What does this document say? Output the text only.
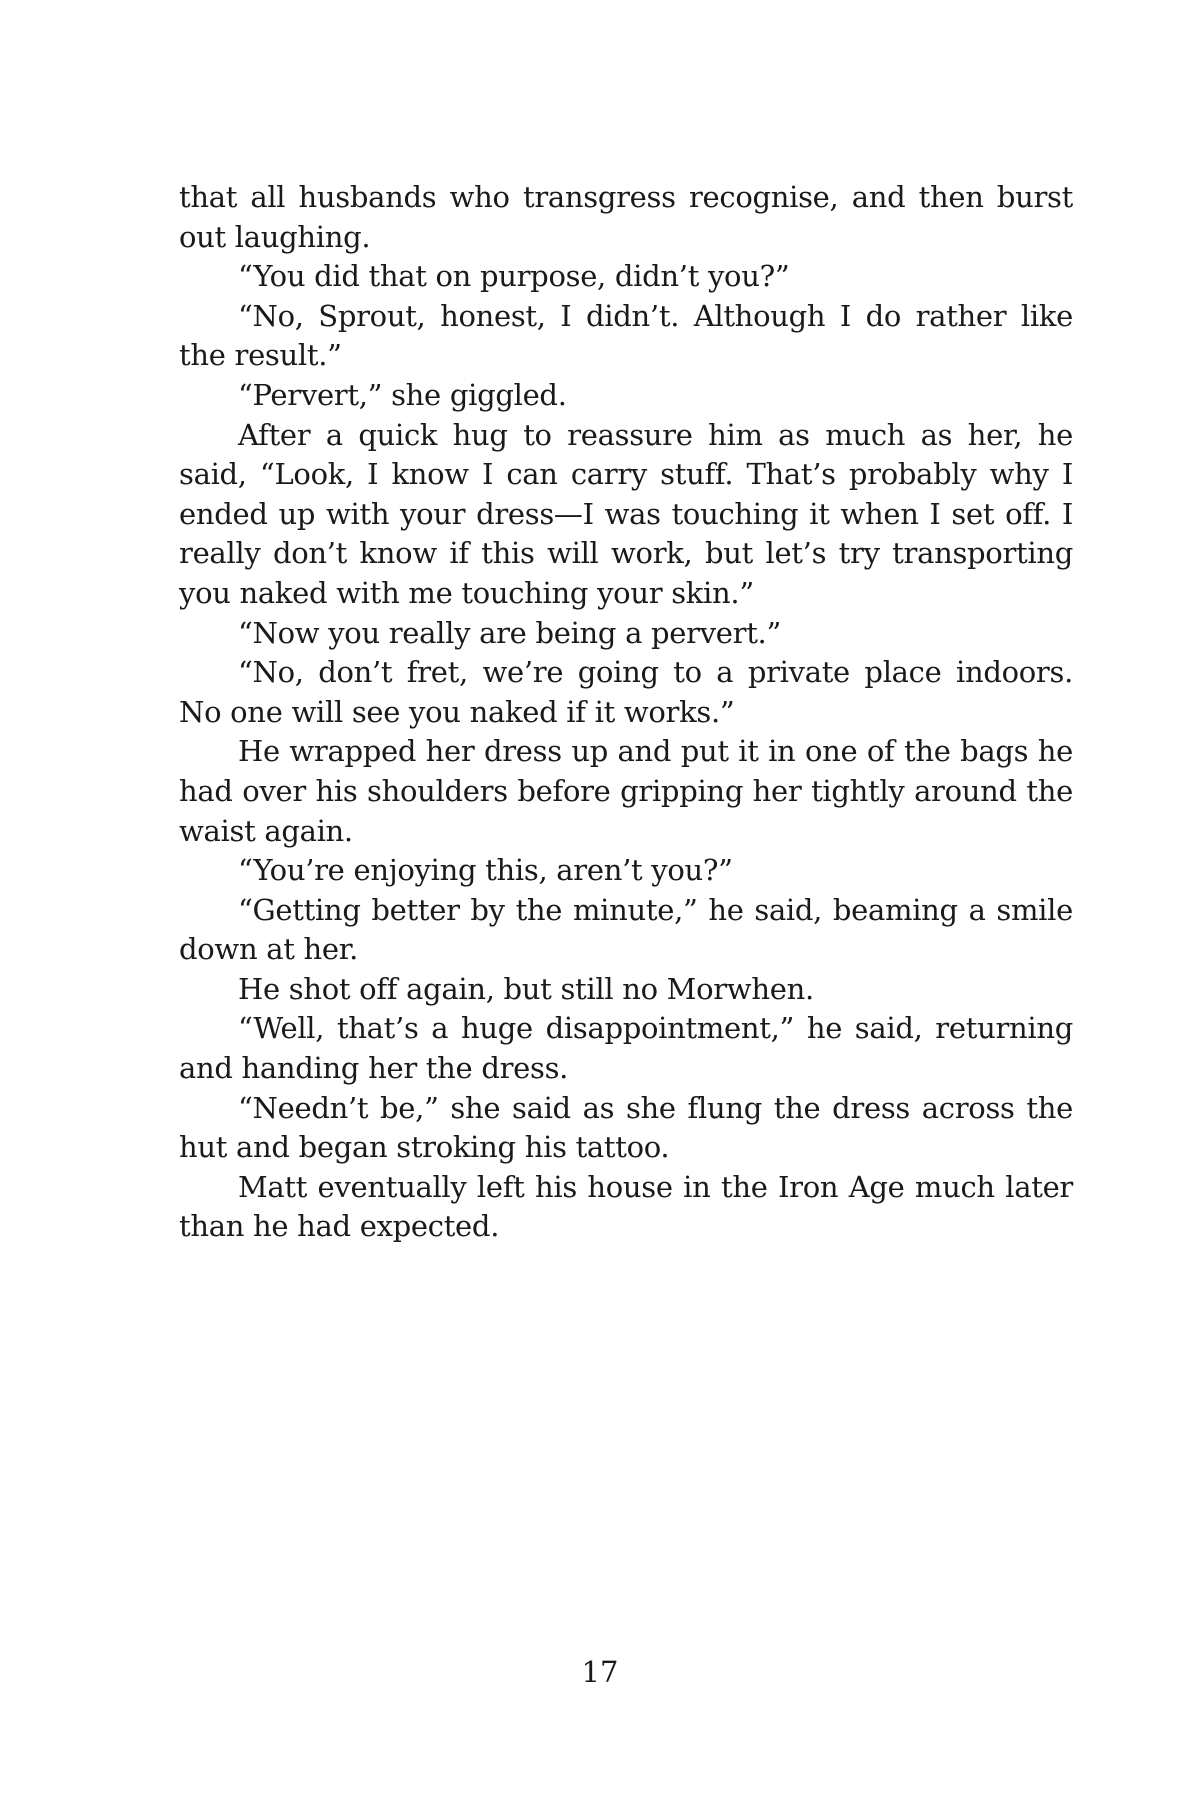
that all husbands who transgress recognise, and then burst out laughing.

“You did that on purpose, didn’t you?”

“No, Sprout, honest, I didn’t. Although I do rather like the result.”

“Pervert,” she giggled.

After a quick hug to reassure him as much as her, he said, “Look, I know I can carry stuff. That’s probably why I ended up with your dress—I was touching it when I set off. I really don’t know if this will work, but let’s try transporting you naked with me touching your skin.”

“Now you really are being a pervert.”

“No, don’t fret, we’re going to a private place indoors. No one will see you naked if it works.”

He wrapped her dress up and put it in one of the bags he had over his shoulders before gripping her tightly around the waist again.

“You’re enjoying this, aren’t you?”

“Getting better by the minute,” he said, beaming a smile down at her.

He shot off again, but still no Morwhen.

“Well, that’s a huge disappointment,” he said, returning and handing her the dress.

“Needn’t be,” she said as she flung the dress across the hut and began stroking his tattoo.

Matt eventually left his house in the Iron Age much later than he had expected.

17
